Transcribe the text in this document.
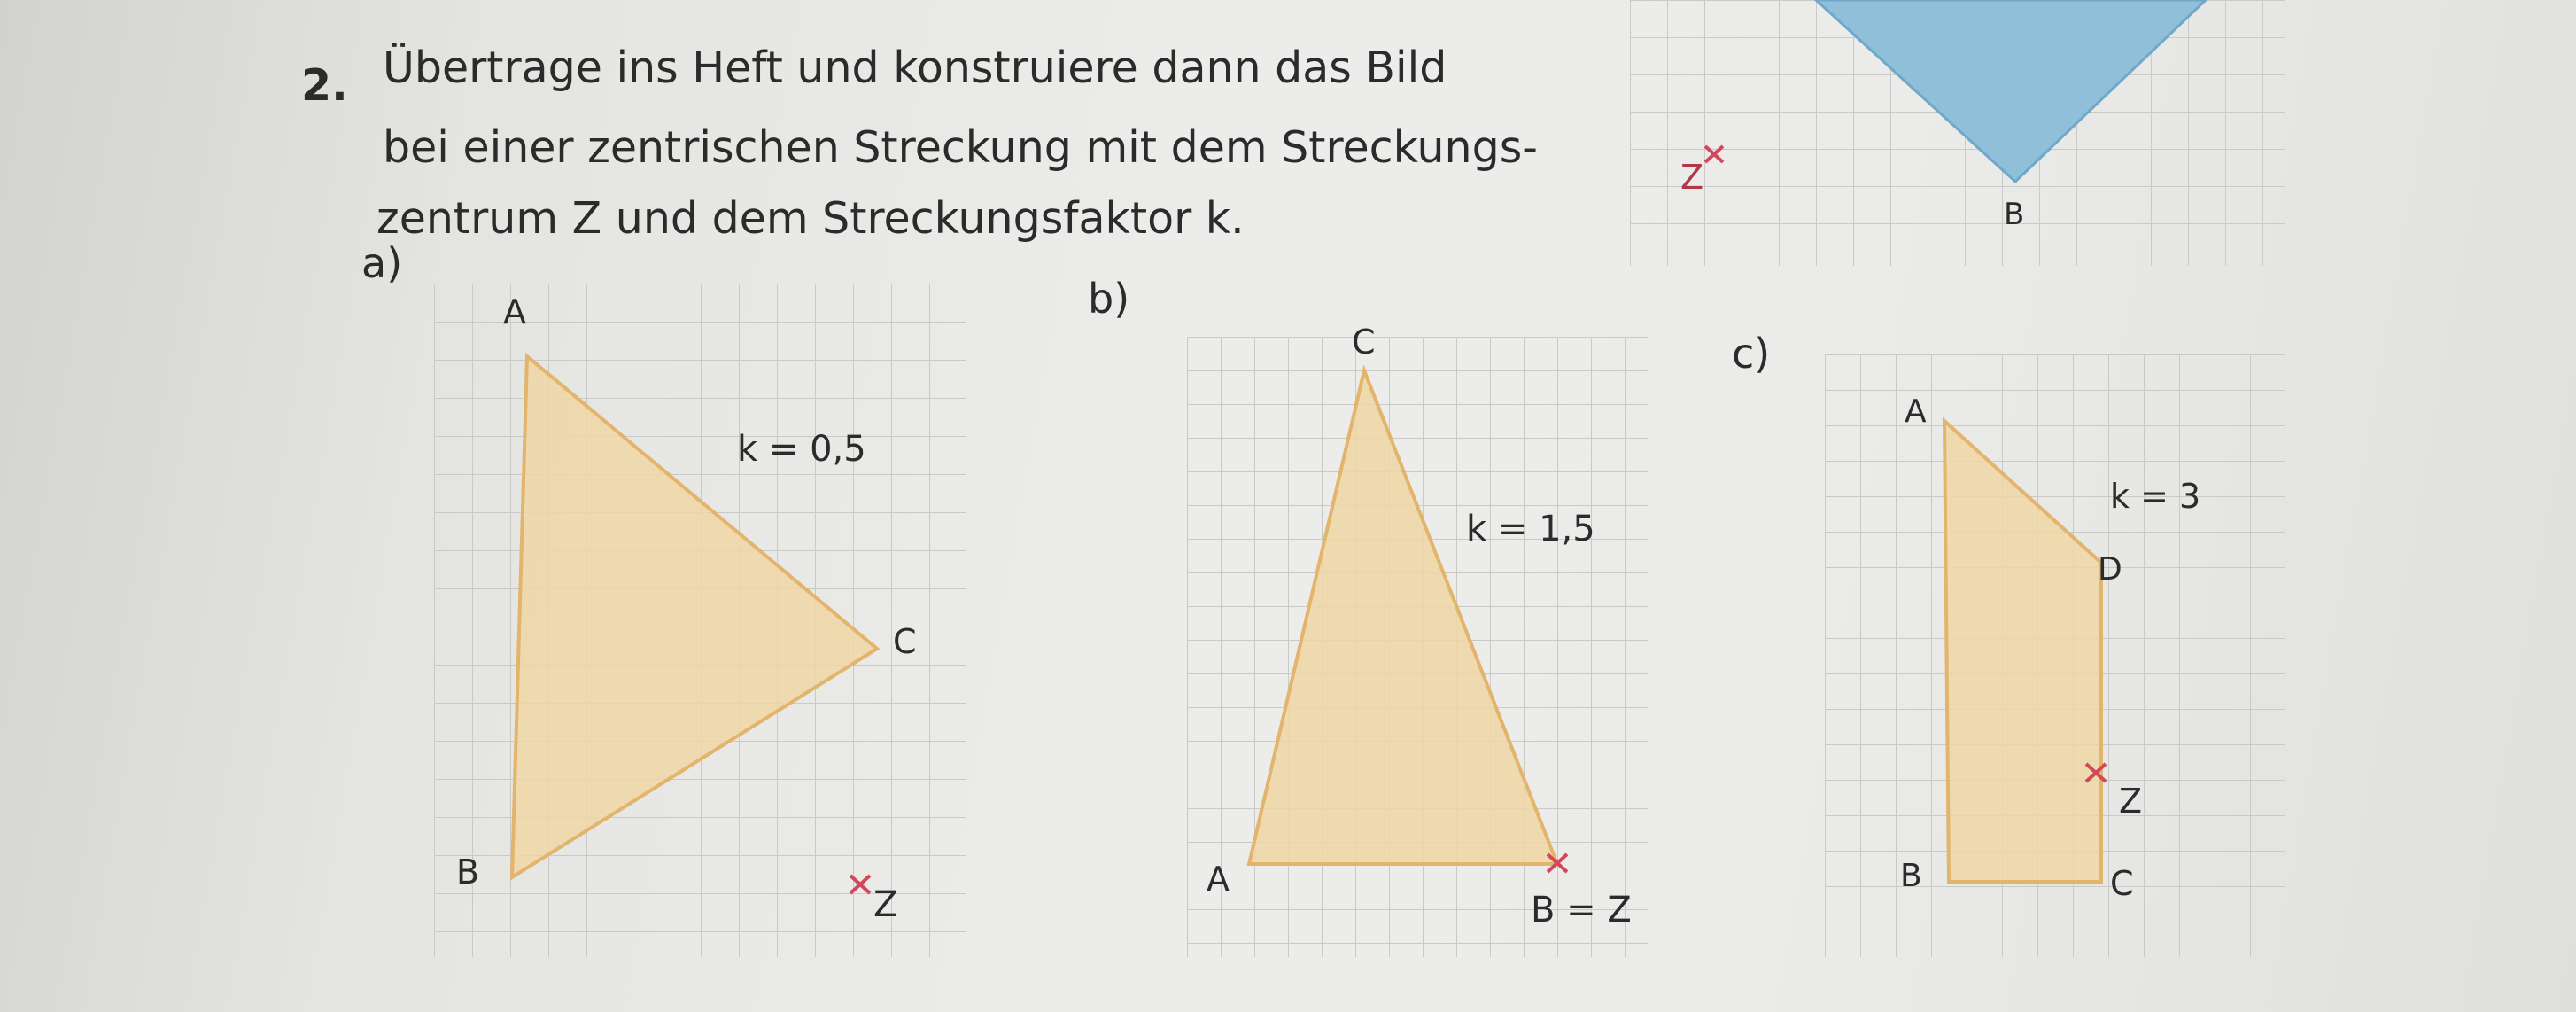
2. Übertrage ins Heft und konstruiere dann das Bild
bei einer zentrischen Streckung mit dem Streckungs-
zentrum Z und dem Streckungsfaktor k.
Z
B
a)
A
k = 0,5
C
B
Z
b)
C
k = 1,5
A
B = Z
c)
A
k = 3
D
Z
B	C
